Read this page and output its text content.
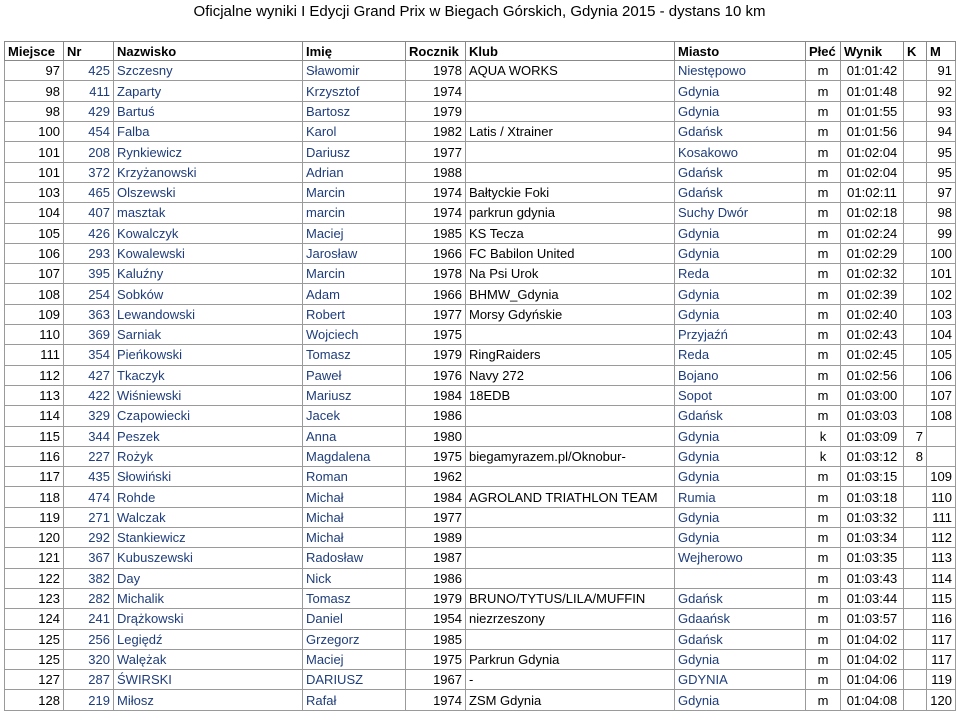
Oficjalne wyniki I Edycji Grand Prix w Biegach Górskich, Gdynia 2015 - dystans 10 km
Miejsce	Nr	Nazwisko	Imię	Rocznik	Klub	Miasto	Płeć	Wynik	K	M
97	425	Szczesny	Sławomir	1978	AQUA WORKS	Niestępowo	m	01:01:42		91
98	411	Zaparty	Krzysztof	1974		Gdynia	m	01:01:48		92
98	429	Bartuś	Bartosz	1979		Gdynia	m	01:01:55		93
100	454	Falba	Karol	1982	Latis / Xtrainer	Gdańsk	m	01:01:56		94
101	208	Rynkiewicz	Dariusz	1977		Kosakowo	m	01:02:04		95
101	372	Krzyżanowski	Adrian	1988		Gdańsk	m	01:02:04		95
103	465	Olszewski	Marcin	1974	Bałtyckie Foki	Gdańsk	m	01:02:11		97
104	407	masztak	marcin	1974	parkrun gdynia	Suchy Dwór	m	01:02:18		98
105	426	Kowalczyk	Maciej	1985	KS Tecza	Gdynia	m	01:02:24		99
106	293	Kowalewski	Jarosław	1966	FC Babilon United	Gdynia	m	01:02:29		100
107	395	Kaluźny	Marcin	1978	Na Psi Urok	Reda	m	01:02:32		101
108	254	Sobków	Adam	1966	BHMW_Gdynia	Gdynia	m	01:02:39		102
109	363	Lewandowski	Robert	1977	Morsy Gdyńskie	Gdynia	m	01:02:40		103
110	369	Sarniak	Wojciech	1975		Przyjaźń	m	01:02:43		104
111	354	Pieńkowski	Tomasz	1979	RingRaiders	Reda	m	01:02:45		105
112	427	Tkaczyk	Paweł	1976	Navy 272	Bojano	m	01:02:56		106
113	422	Wiśniewski	Mariusz	1984	18EDB	Sopot	m	01:03:00		107
114	329	Czapowiecki	Jacek	1986		Gdańsk	m	01:03:03		108
115	344	Peszek	Anna	1980		Gdynia	k	01:03:09	7	
116	227	Rożyk	Magdalena	1975	biegamyrazem.pl/Oknobur-	Gdynia	k	01:03:12	8	
117	435	Słowiński	Roman	1962		Gdynia	m	01:03:15		109
118	474	Rohde	Michał	1984	AGROLAND TRIATHLON TEAM	Rumia	m	01:03:18		110
119	271	Walczak	Michał	1977		Gdynia	m	01:03:32		111
120	292	Stankiewicz	Michał	1989		Gdynia	m	01:03:34		112
121	367	Kubuszewski	Radosław	1987		Wejherowo	m	01:03:35		113
122	382	Day	Nick	1986			m	01:03:43		114
123	282	Michalik	Tomasz	1979	BRUNO/TYTUS/LILA/MUFFIN	Gdańsk	m	01:03:44		115
124	241	Drążkowski	Daniel	1954	niezrzeszony	Gdaańsk	m	01:03:57		116
125	256	Legiędź	Grzegorz	1985		Gdańsk	m	01:04:02		117
125	320	Walężak	Maciej	1975	Parkrun Gdynia	Gdynia	m	01:04:02		117
127	287	ŚWIRSKI	DARIUSZ	1967	-	GDYNIA	m	01:04:06		119
128	219	Miłosz	Rafał	1974	ZSM Gdynia	Gdynia	m	01:04:08		120
